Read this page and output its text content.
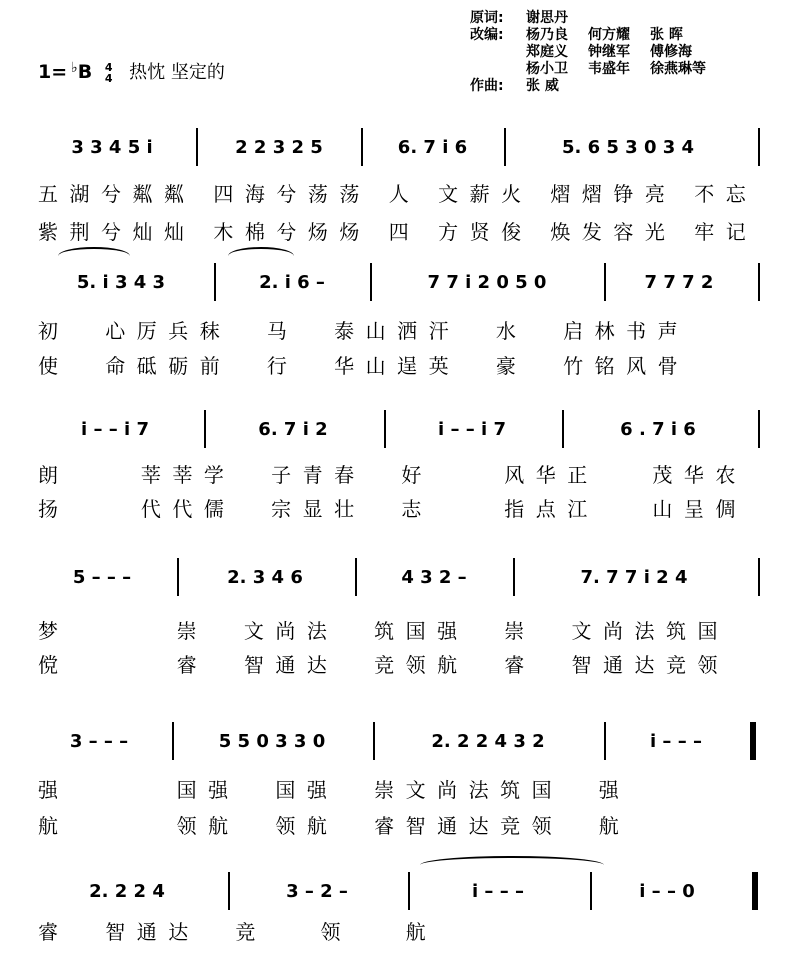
1= ♭B 4
4 热忱 坚定的
原词:	谢思丹
改编:	杨乃良 何方耀 张 晖
郑庭义 钟继军 傅修海
杨小卫 韦盛年 徐燕琳等
作曲:	张 威
3 3 4 5 i	2 2 3 2 5	6. 7 i 6	5. 6 5 3 0 3 4
五湖兮粼粼 四海兮荡荡 人 文薪火 熠熠铮亮 不忘
紫荆兮灿灿 木棉兮炀炀 四 方贤俊 焕发容光 牢记
5. i 3 4 3	2. i 6 –	7 7 i 2 0 5 0	7 7 7 2
初  心厉兵秣  马  泰山洒汗  水  启林书声
使  命砥砺前  行  华山逞英  豪  竹铭风骨
i – – i 7	6. 7 i 2	i – – i 7	6 . 7 i 6
朗    莘莘学  子青春  好    风华正   茂华农
扬    代代儒  宗显壮  志    指点江   山呈倜
5 – – –	2. 3 4 6	4 3 2 –	7. 7 7 i 2 4
梦      崇  文尚法  筑国强  崇  文尚法筑国
傥      睿  智通达  竞领航  睿  智通达竞领
3 – – –	5 5 0 3 3 0	2. 2 2 4 3 2	i – – –
强      国强  国强  崇文尚法筑国  强
航      领航  领航  睿智通达竞领  航
2. 2 2 4	3 – 2 –	i – – –	i – – 0
睿  智通达  竞   领   航
